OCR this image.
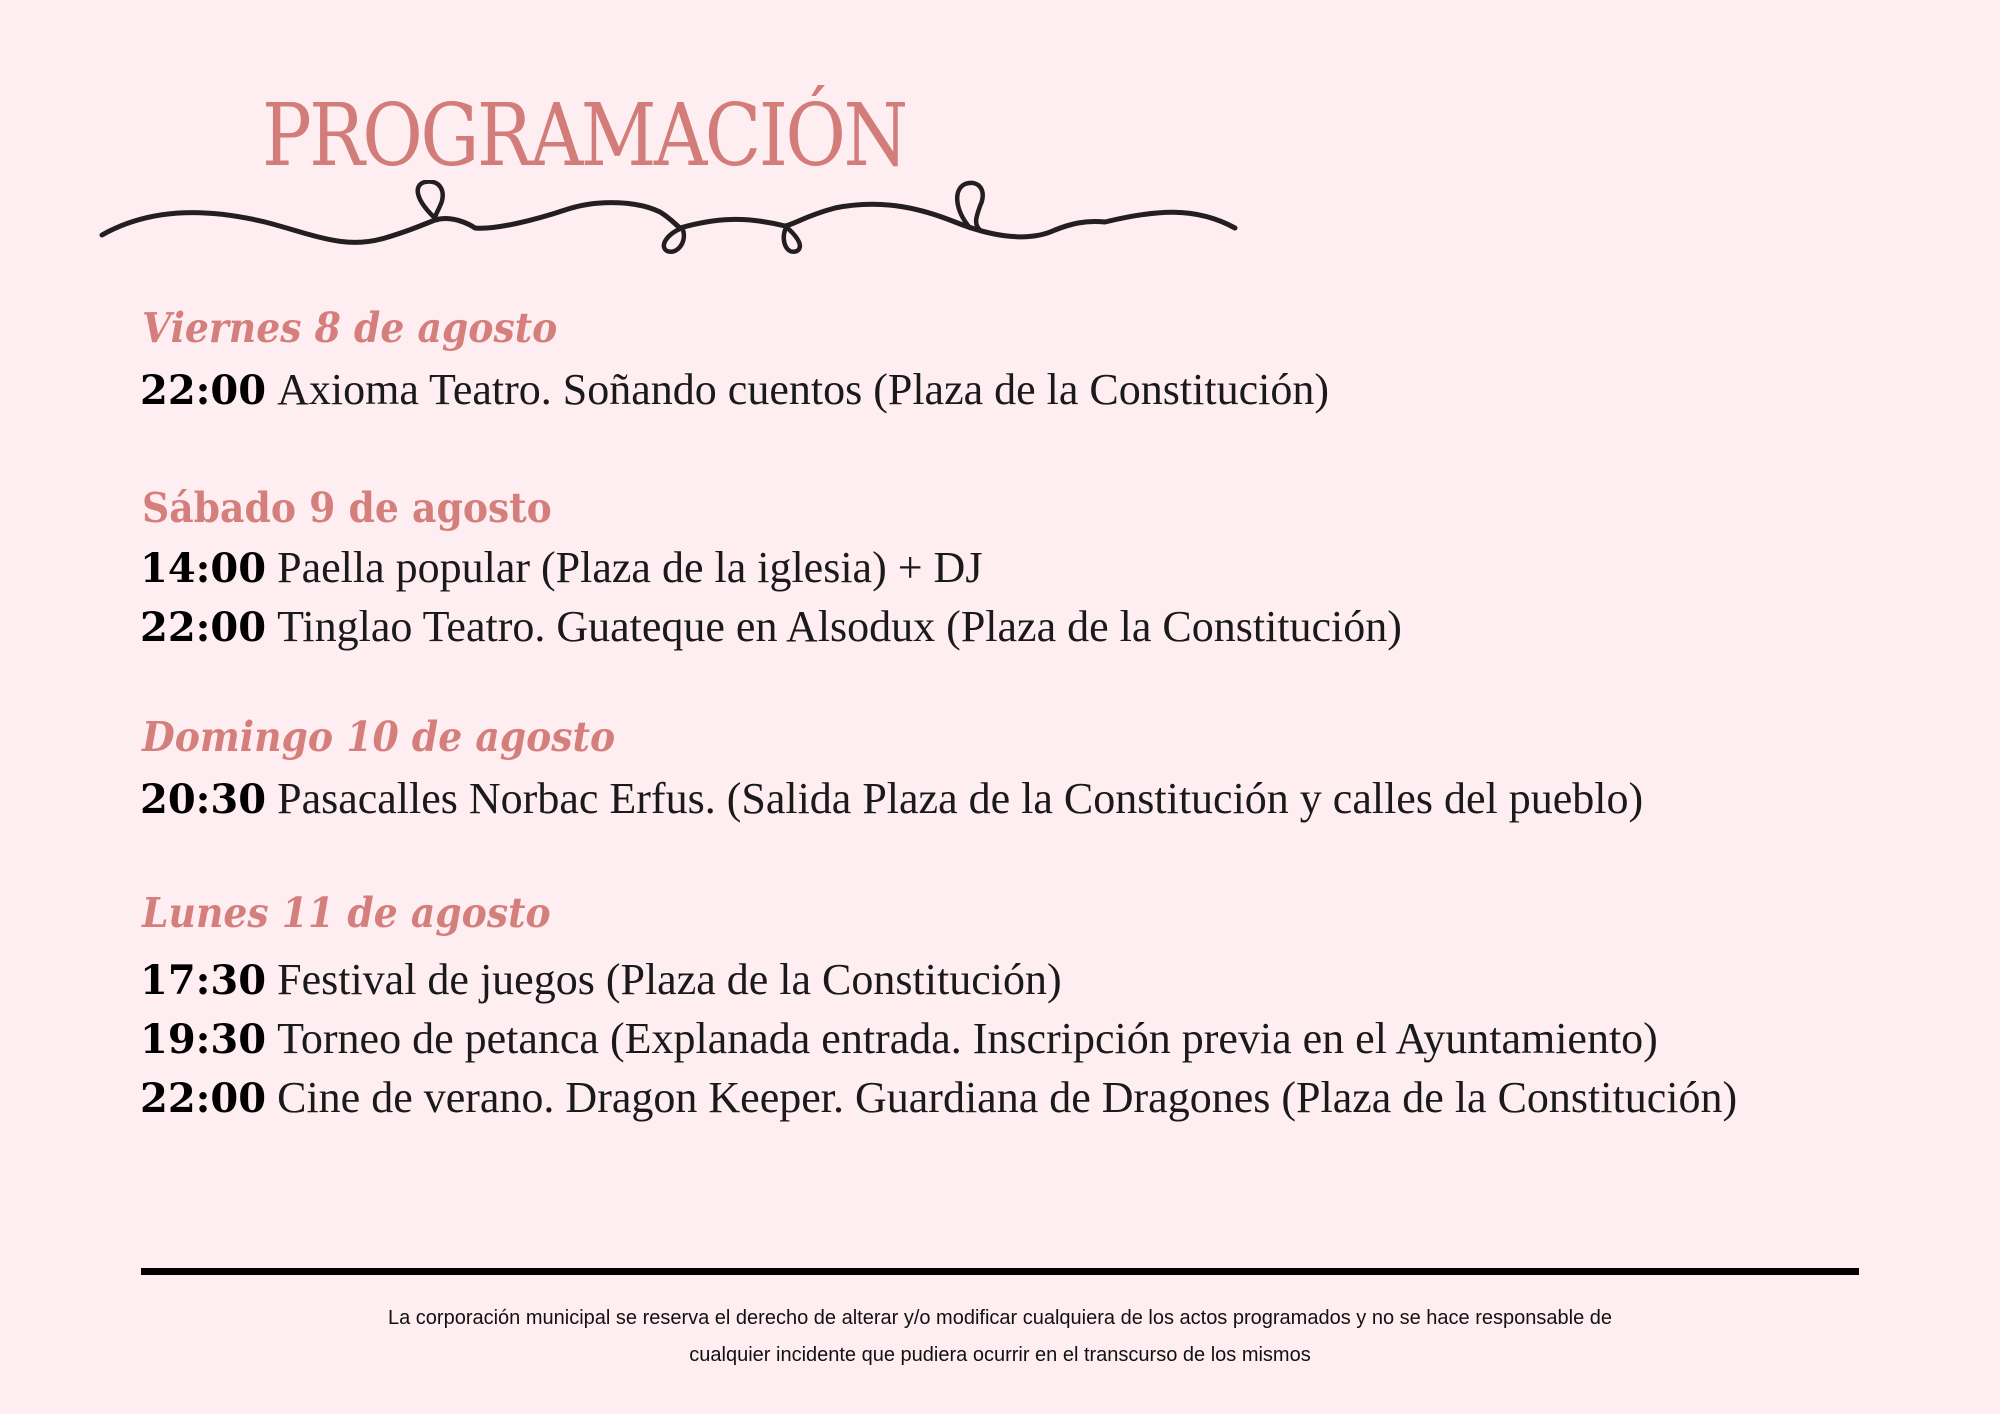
PROGRAMACIÓN
Viernes 8 de agosto

22:00 Axioma Teatro. Soñando cuentos (Plaza de la Constitución)

Sábado 9 de agosto

14:00 Paella popular (Plaza de la iglesia) + DJ

22:00 Tinglao Teatro. Guateque en Alsodux (Plaza de la Constitución)

Domingo 10 de agosto

20:30 Pasacalles Norbac Erfus. (Salida Plaza de la Constitución y calles del pueblo)

Lunes 11 de agosto

17:30 Festival de juegos (Plaza de la Constitución)

19:30 Torneo de petanca (Explanada entrada. Inscripción previa en el Ayuntamiento)

22:00 Cine de verano. Dragon Keeper. Guardiana de Dragones (Plaza de la Constitución)

La corporación municipal se reserva el derecho de alterar y/o modificar cualquiera de los actos programados y no se hace responsable de
cualquier incidente que pudiera ocurrir en el transcurso de los mismos
